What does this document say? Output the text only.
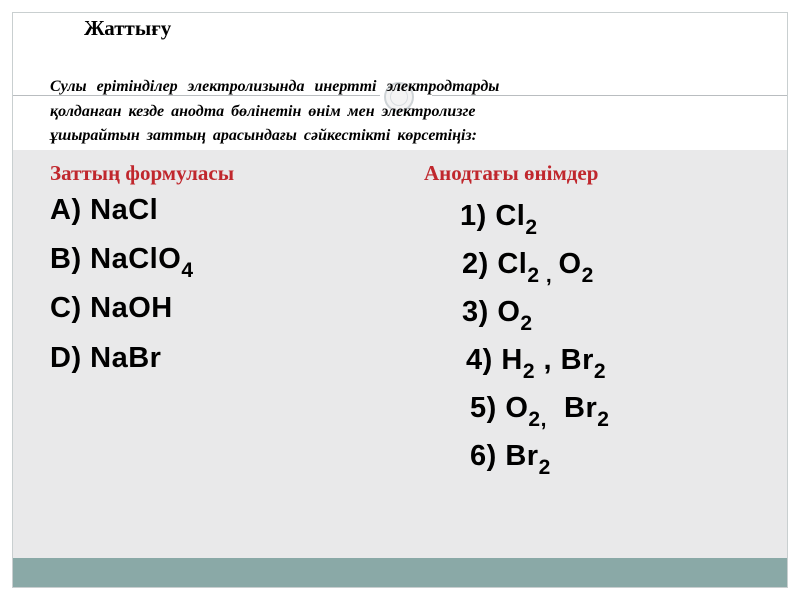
Жаттығу
Сулы ерітінділер электролизында инертті электродтарды
қолданған кезде анодта бөлінетін өнім мен электролизге
ұшырайтын заттың арасындағы сәйкестікті көрсетіңіз:
Заттың формуласы	Анодтағы өнімдер
A) NaCl
B) NaClO$_4$
C) NaOH
D) NaBr
1) $Cl_2$
2) $Cl_{2 ,}$ $O_2$
3) $O_2$
4) $H_2$ , $Br_2$
5) $O_{2,}$  $Br_2$
6) $Br_2$
